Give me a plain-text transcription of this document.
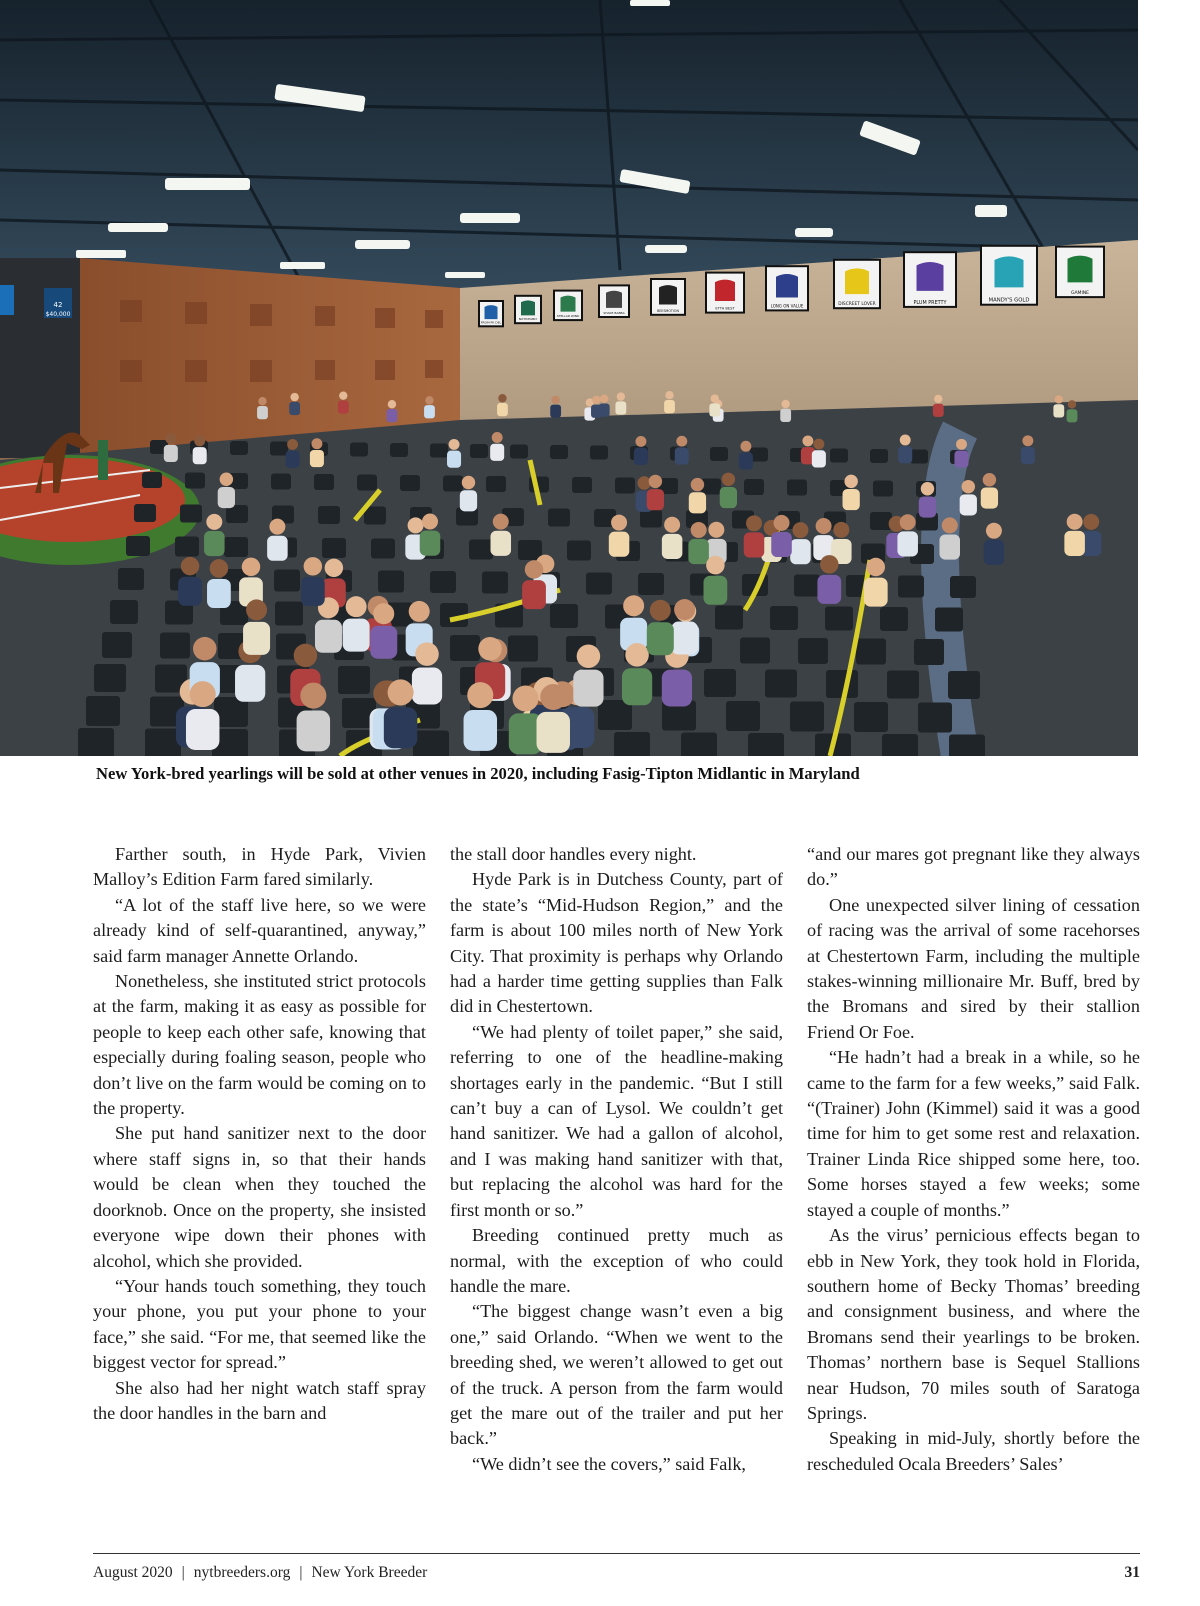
42
$40,000
FROM PK DEL
NOTICEABLY
STELLAR WIND
SHAKE BABBA
BEESMOTION
ETTA BEST
LONG ON VALUE	DISCREET LOVER	PLUM PRETTY	MANDY'S GOLD
GAMINE
New York-bred yearlings will be sold at other venues in 2020, including Fasig-Tipton Midlantic in Maryland

Farther south, in Hyde Park, Vivien Malloy’s Edition Farm fared similarly.

“A lot of the staff live here, so we were already kind of self-quarantined, anyway,” said farm manager Annette Orlando.

Nonetheless, she instituted strict protocols at the farm, making it as easy as possible for people to keep each other safe, knowing that especially during foaling season, people who don’t live on the farm would be coming on to the property.

She put hand sanitizer next to the door where staff signs in, so that their hands would be clean when they touched the doorknob. Once on the property, she insisted everyone wipe down their phones with alcohol, which she provided.

“Your hands touch something, they touch your phone, you put your phone to your face,” she said. “For me, that seemed like the biggest vector for spread.”

She also had her night watch staff spray the door handles in the barn and

the stall door handles every night.

Hyde Park is in Dutchess County, part of the state’s “Mid-Hudson Region,” and the farm is about 100 miles north of New York City. That proximity is perhaps why Orlando had a harder time getting supplies than Falk did in Chestertown.

“We had plenty of toilet paper,” she said, referring to one of the headline-making shortages early in the pandemic. “But I still can’t buy a can of Lysol. We couldn’t get hand sanitizer. We had a gallon of alcohol, and I was making hand sanitizer with that, but replacing the alcohol was hard for the first month or so.”

Breeding continued pretty much as normal, with the exception of who could handle the mare.

“The biggest change wasn’t even a big one,” said Orlando. “When we went to the breeding shed, we weren’t allowed to get out of the truck. A person from the farm would get the mare out of the trailer and put her back.”

“We didn’t see the covers,” said Falk,

“and our mares got pregnant like they always do.”

One unexpected silver lining of cessation of racing was the arrival of some racehorses at Chestertown Farm, including the multiple stakes-winning millionaire Mr. Buff, bred by the Bromans and sired by their stallion Friend Or Foe.

“He hadn’t had a break in a while, so he came to the farm for a few weeks,” said Falk. “(Trainer) John (Kimmel) said it was a good time for him to get some rest and relaxation. Trainer Linda Rice shipped some here, too. Some horses stayed a few weeks; some stayed a couple of months.”

As the virus’ pernicious effects began to ebb in New York, they took hold in Florida, southern home of Becky Thomas’ breeding and consignment business, and where the Bromans send their yearlings to be broken. Thomas’ northern base is Sequel Stallions near Hudson, 70 miles south of Saratoga Springs.

Speaking in mid-July, shortly before the rescheduled Ocala Breeders’ Sales’

August 2020 | nytbreeders.org | New York Breeder	31
